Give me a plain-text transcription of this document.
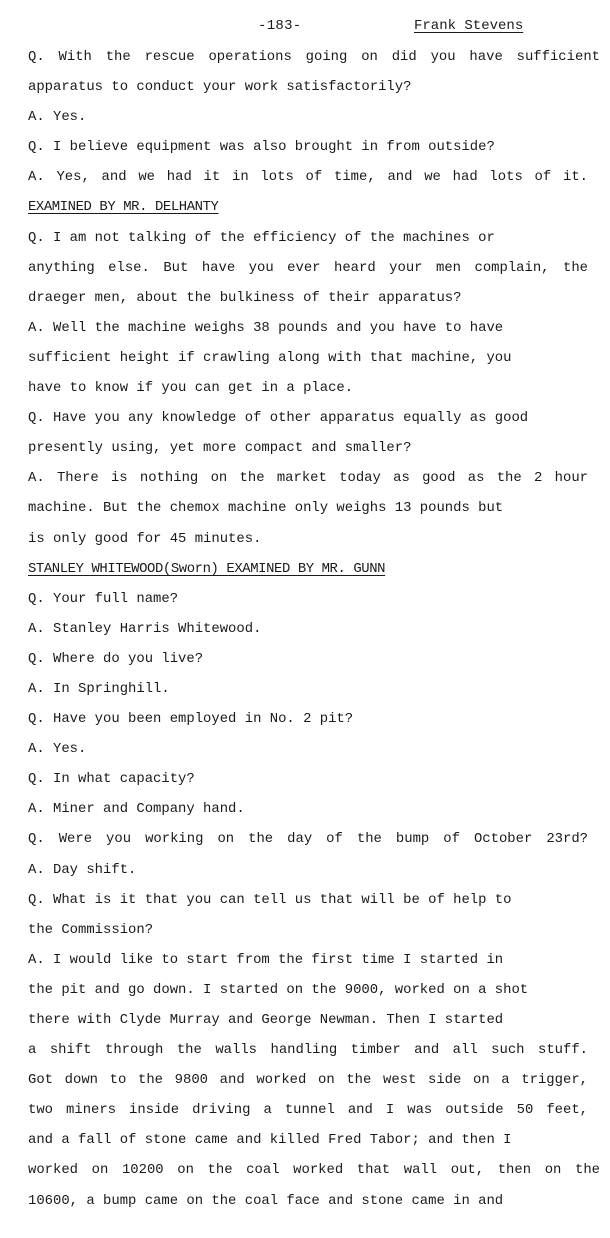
-183-	Frank Stevens
Q. With the rescue operations going on did you have sufficient
apparatus to conduct your work satisfactorily?
A. Yes.
Q. I believe equipment was also brought in from outside?
A. Yes, and we had it in lots of time, and we had lots of it.
EXAMINED BY MR. DELHANTY
Q. I am not talking of the efficiency of the machines or
anything else. But have you ever heard your men complain, the
draeger men, about the bulkiness of their apparatus?
A. Well the machine weighs 38 pounds and you have to have
sufficient height if crawling along with that machine, you
have to know if you can get in a place.
Q. Have you any knowledge of other apparatus equally as good
presently using, yet more compact and smaller?
A. There is nothing on the market today as good as the 2 hour
machine. But the chemox machine only weighs 13 pounds but
is only good for 45 minutes.
STANLEY WHITEWOOD(Sworn) EXAMINED BY MR. GUNN
Q. Your full name?
A. Stanley Harris Whitewood.
Q. Where do you live?
A. In Springhill.
Q. Have you been employed in No. 2 pit?
A. Yes.
Q. In what capacity?
A. Miner and Company hand.
Q. Were you working on the day of the bump of October 23rd?
A. Day shift.
Q. What is it that you can tell us that will be of help to
the Commission?
A. I would like to start from the first time I started in
the pit and go down. I started on the 9000, worked on a shot
there with Clyde Murray and George Newman. Then I started
a shift through the walls handling timber and all such stuff.
Got down to the 9800 and worked on the west side on a trigger,
two miners inside driving a tunnel and I was outside 50 feet,
and a fall of stone came and killed Fred Tabor; and then I
worked on 10200 on the coal worked that wall out, then on the
10600, a bump came on the coal face and stone came in and
